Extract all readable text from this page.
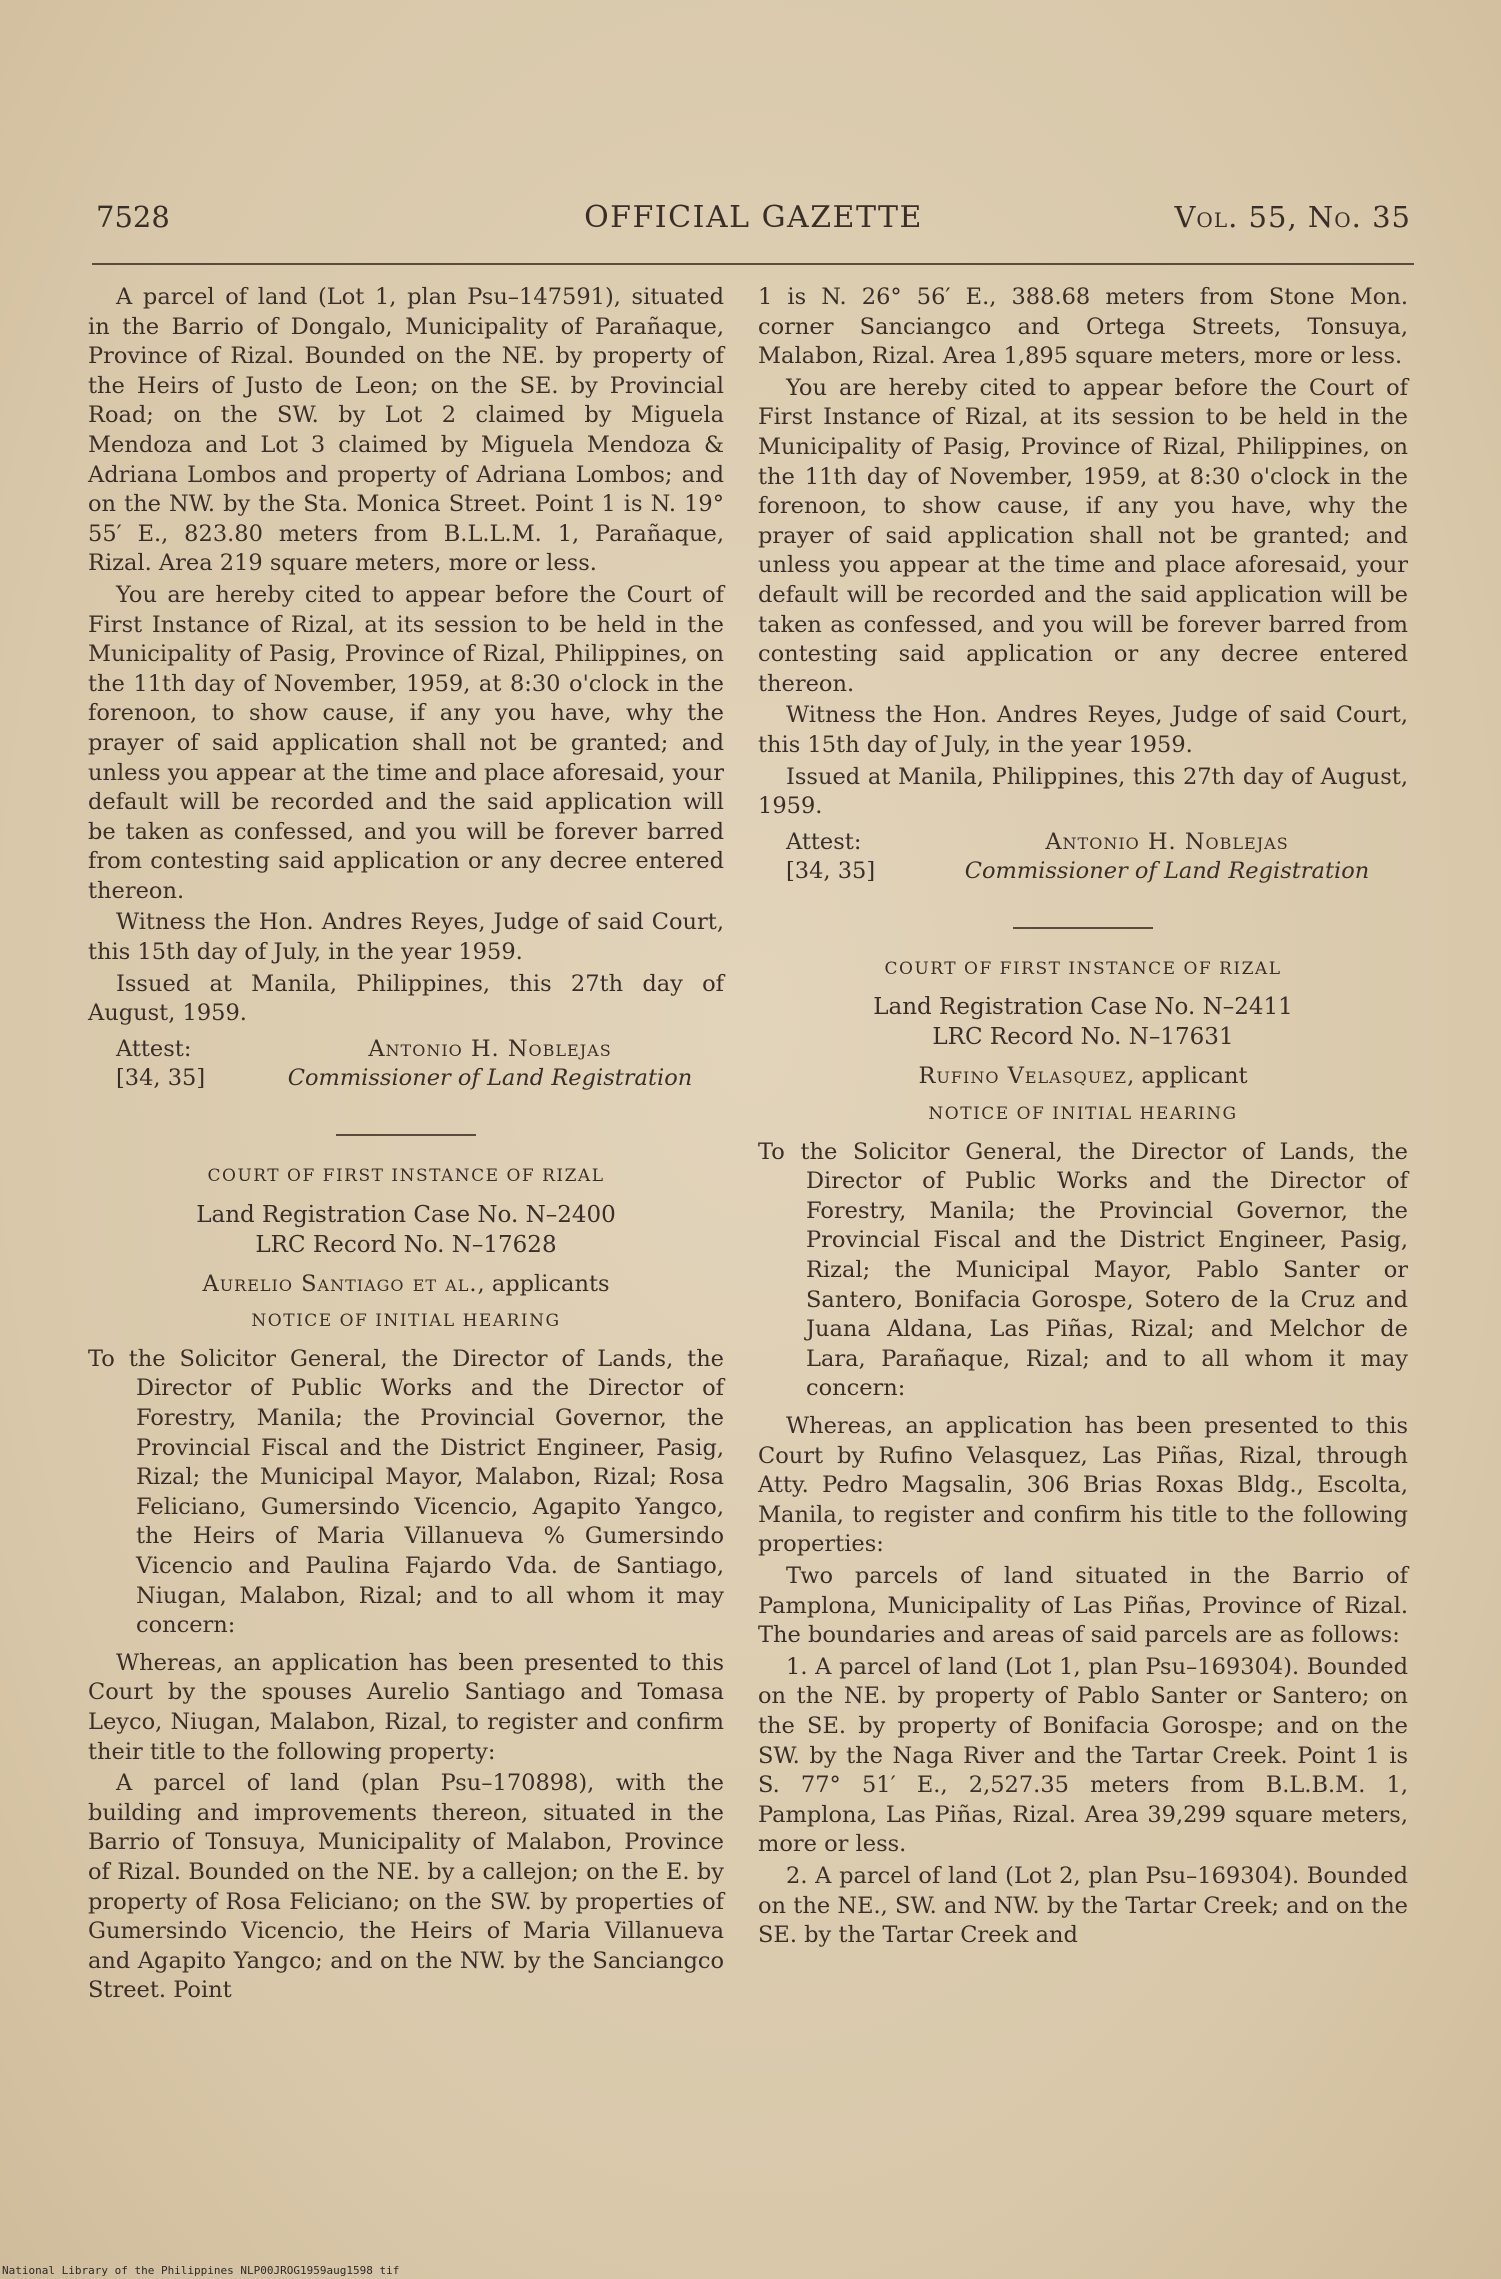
7528	OFFICIAL GAZETTE	Vol. 55, No. 35

A parcel of land (Lot 1, plan Psu–147591), situated in the Barrio of Dongalo, Municipality of Parañaque, Province of Rizal. Bounded on the NE. by property of the Heirs of Justo de Leon; on the SE. by Provincial Road; on the SW. by Lot 2 claimed by Miguela Mendoza and Lot 3 claimed by Miguela Mendoza & Adriana Lombos and property of Adriana Lombos; and on the NW. by the Sta. Monica Street. Point 1 is N. 19° 55′ E., 823.80 meters from B.L.L.M. 1, Parañaque, Rizal. Area 219 square meters, more or less.

You are hereby cited to appear before the Court of First Instance of Rizal, at its session to be held in the Municipality of Pasig, Province of Rizal, Philippines, on the 11th day of November, 1959, at 8:30 o'clock in the forenoon, to show cause, if any you have, why the prayer of said application shall not be granted; and unless you appear at the time and place aforesaid, your default will be recorded and the said application will be taken as confessed, and you will be forever barred from contesting said application or any decree entered thereon.

Witness the Hon. Andres Reyes, Judge of said Court, this 15th day of July, in the year 1959.

Issued at Manila, Philippines, this 27th day of August, 1959.

Attest:
[34, 35]
Antonio H. Noblejas
Commissioner of Land Registration
COURT OF FIRST INSTANCE OF RIZAL
Land Registration Case No. N–2400
LRC Record No. N–17628
Aurelio Santiago et al., applicants
NOTICE OF INITIAL HEARING

To the Solicitor General, the Director of Lands, the Director of Public Works and the Director of Forestry, Manila; the Provincial Governor, the Provincial Fiscal and the District Engineer, Pasig, Rizal; the Municipal Mayor, Malabon, Rizal; Rosa Feliciano, Gumersindo Vicencio, Agapito Yangco, the Heirs of Maria Villanueva % Gumersindo Vicencio and Paulina Fajardo Vda. de Santiago, Niugan, Malabon, Rizal; and to all whom it may concern:

Whereas, an application has been presented to this Court by the spouses Aurelio Santiago and Tomasa Leyco, Niugan, Malabon, Rizal, to register and confirm their title to the following property:

A parcel of land (plan Psu–170898), with the building and improvements thereon, situated in the Barrio of Tonsuya, Municipality of Malabon, Province of Rizal. Bounded on the NE. by a callejon; on the E. by property of Rosa Feliciano; on the SW. by properties of Gumersindo Vicencio, the Heirs of Maria Villanueva and Agapito Yangco; and on the NW. by the Sanciangco Street. Point

1 is N. 26° 56′ E., 388.68 meters from Stone Mon. corner Sanciangco and Ortega Streets, Tonsuya, Malabon, Rizal. Area 1,895 square meters, more or less.

You are hereby cited to appear before the Court of First Instance of Rizal, at its session to be held in the Municipality of Pasig, Province of Rizal, Philippines, on the 11th day of November, 1959, at 8:30 o'clock in the forenoon, to show cause, if any you have, why the prayer of said application shall not be granted; and unless you appear at the time and place aforesaid, your default will be recorded and the said application will be taken as confessed, and you will be forever barred from contesting said application or any decree entered thereon.

Witness the Hon. Andres Reyes, Judge of said Court, this 15th day of July, in the year 1959.

Issued at Manila, Philippines, this 27th day of August, 1959.

Attest:
[34, 35]
Antonio H. Noblejas
Commissioner of Land Registration
COURT OF FIRST INSTANCE OF RIZAL
Land Registration Case No. N–2411
LRC Record No. N–17631
Rufino Velasquez, applicant
NOTICE OF INITIAL HEARING

To the Solicitor General, the Director of Lands, the Director of Public Works and the Director of Forestry, Manila; the Provincial Governor, the Provincial Fiscal and the District Engineer, Pasig, Rizal; the Municipal Mayor, Pablo Santer or Santero, Bonifacia Gorospe, Sotero de la Cruz and Juana Aldana, Las Piñas, Rizal; and Melchor de Lara, Parañaque, Rizal; and to all whom it may concern:

Whereas, an application has been presented to this Court by Rufino Velasquez, Las Piñas, Rizal, through Atty. Pedro Magsalin, 306 Brias Roxas Bldg., Escolta, Manila, to register and confirm his title to the following properties:

Two parcels of land situated in the Barrio of Pamplona, Municipality of Las Piñas, Province of Rizal. The boundaries and areas of said parcels are as follows:

1. A parcel of land (Lot 1, plan Psu–169304). Bounded on the NE. by property of Pablo Santer or Santero; on the SE. by property of Bonifacia Gorospe; and on the SW. by the Naga River and the Tartar Creek. Point 1 is S. 77° 51′ E., 2,527.35 meters from B.L.B.M. 1, Pamplona, Las Piñas, Rizal. Area 39,299 square meters, more or less.

2. A parcel of land (Lot 2, plan Psu–169304). Bounded on the NE., SW. and NW. by the Tartar Creek; and on the SE. by the Tartar Creek and

National Library of the Philippines NLP00JROG1959aug1598 tif
